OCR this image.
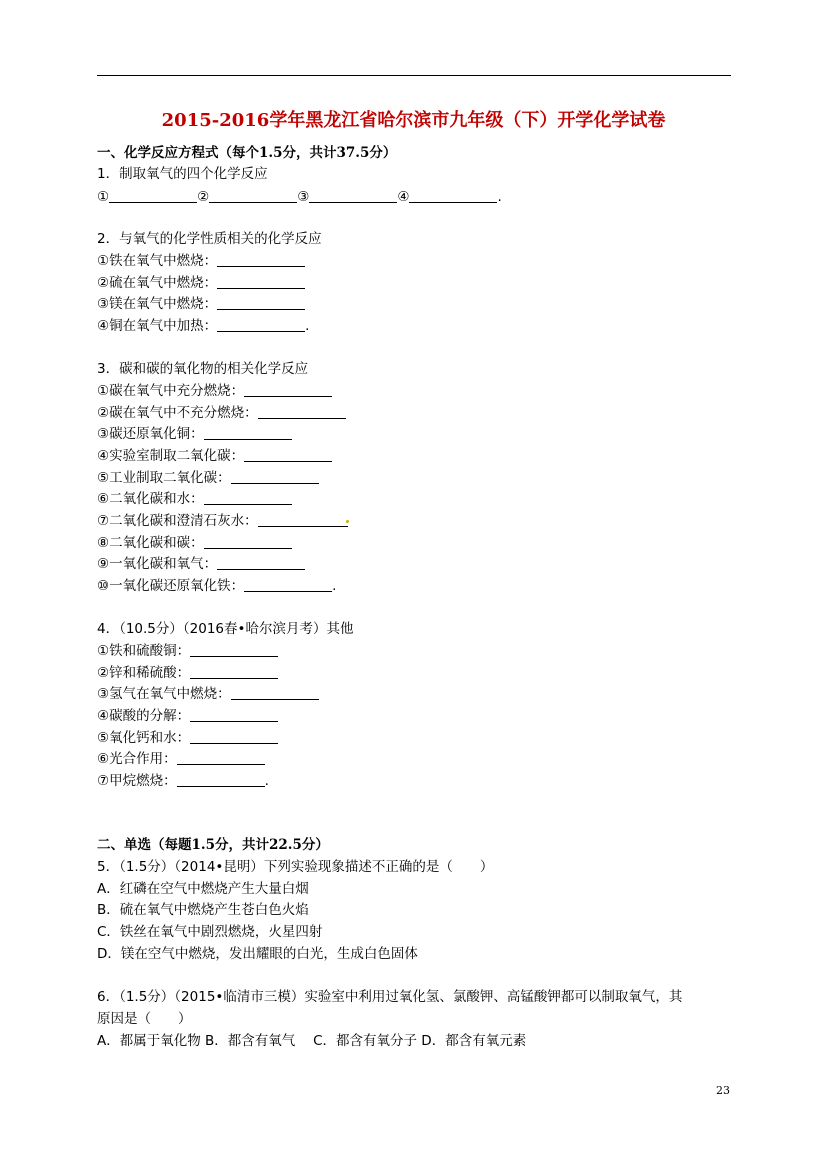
2015-2016学年黑龙江省哈尔滨市九年级（下）开学化学试卷
一、化学反应方程式（每个1.5分，共计37.5分）
1．制取氧气的四个化学反应
①	②	③	④	.
2．与氧气的化学性质相关的化学反应
①铁在氧气中燃烧：
②硫在氧气中燃烧：
③镁在氧气中燃烧：
④铜在氧气中加热：	.
3．碳和碳的氧化物的相关化学反应
①碳在氧气中充分燃烧：
②碳在氧气中不充分燃烧：
③碳还原氧化铜：
④实验室制取二氧化碳：
⑤工业制取二氧化碳：
⑥二氧化碳和水：
⑦二氧化碳和澄清石灰水：
⑧二氧化碳和碳：
⑨一氧化碳和氧气：
⑩一氧化碳还原氧化铁：	.
4．（10.5分）（2016春•哈尔滨月考）其他
①铁和硫酸铜：
②锌和稀硫酸：
③氢气在氧气中燃烧：
④碳酸的分解：
⑤氧化钙和水：
⑥光合作用：
⑦甲烷燃烧：	.
二、单选（每题1.5分，共计22.5分）
5．（1.5分）（2014•昆明）下列实验现象描述不正确的是（　　）
A．红磷在空气中燃烧产生大量白烟
B．硫在氧气中燃烧产生苍白色火焰
C．铁丝在氧气中剧烈燃烧，火星四射
D．镁在空气中燃烧，发出耀眼的白光，生成白色固体
6．（1.5分）（2015•临清市三模）实验室中利用过氧化氢、氯酸钾、高锰酸钾都可以制取氧气，其
原因是（　　）
A．都属于氧化物 B．都含有氧气　 C．都含有氧分子 D．都含有氧元素
23
